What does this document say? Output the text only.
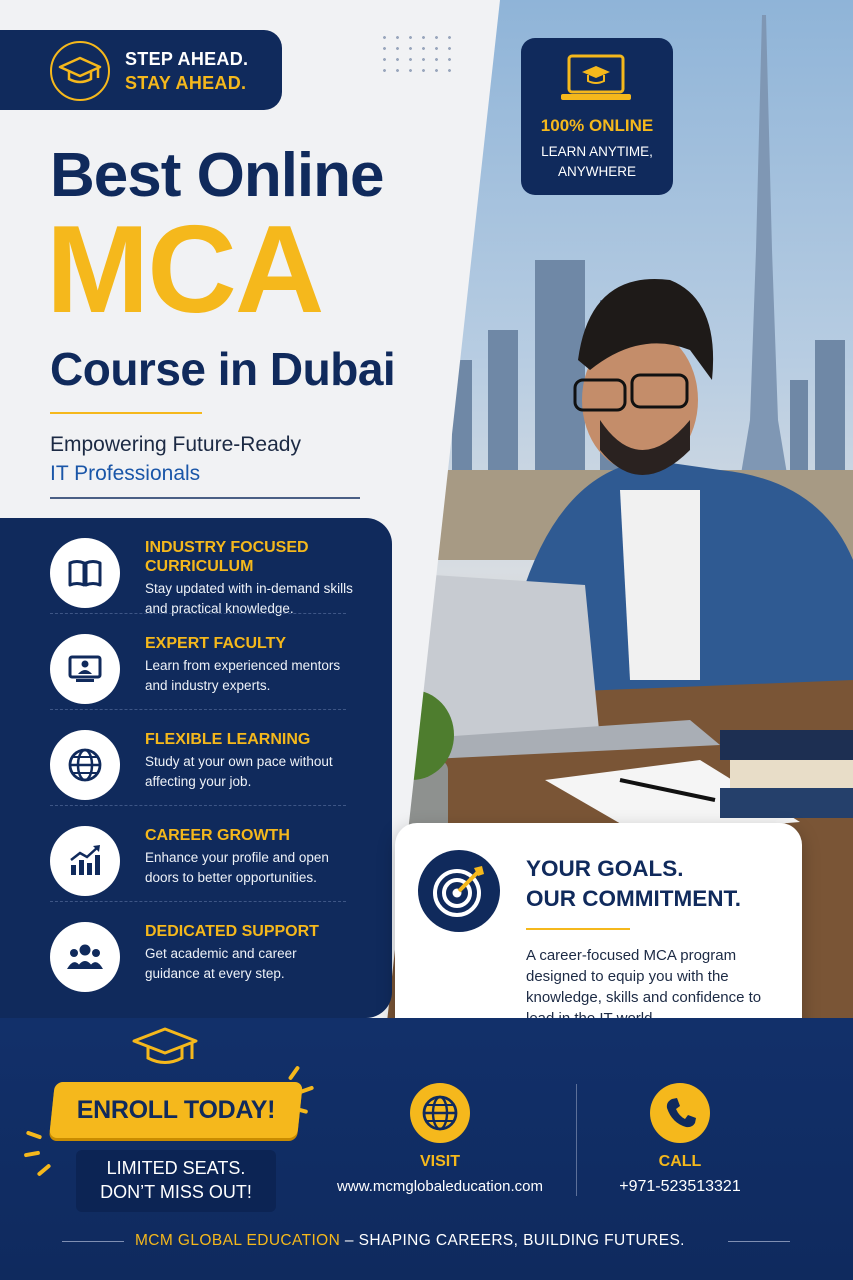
STEP AHEAD.
STAY AHEAD.
Best Online
MCA
Course in Dubai
Empowering Future-Ready
IT Professionals
100% ONLINE
LEARN ANYTIME,
ANYWHERE
INDUSTRY FOCUSED CURRICULUM
Stay updated with in-demand skills and practical knowledge.
EXPERT FACULTY
Learn from experienced mentors and industry experts.
FLEXIBLE LEARNING
Study at your own pace without affecting your job.
CAREER GROWTH
Enhance your profile and open doors to better opportunities.
DEDICATED SUPPORT
Get academic and career guidance at every step.
YOUR GOALS.
OUR COMMITMENT.
A career-focused MCA program designed to equip you with the knowledge, skills and confidence to
ENROLL TODAY!
LIMITED SEATS.
DON’T MISS OUT!
VISIT
www.mcmglobaleducation.com
CALL
+971-523513321
MCM GLOBAL EDUCATION – SHAPING CAREERS, BUILDING FUTURES.
